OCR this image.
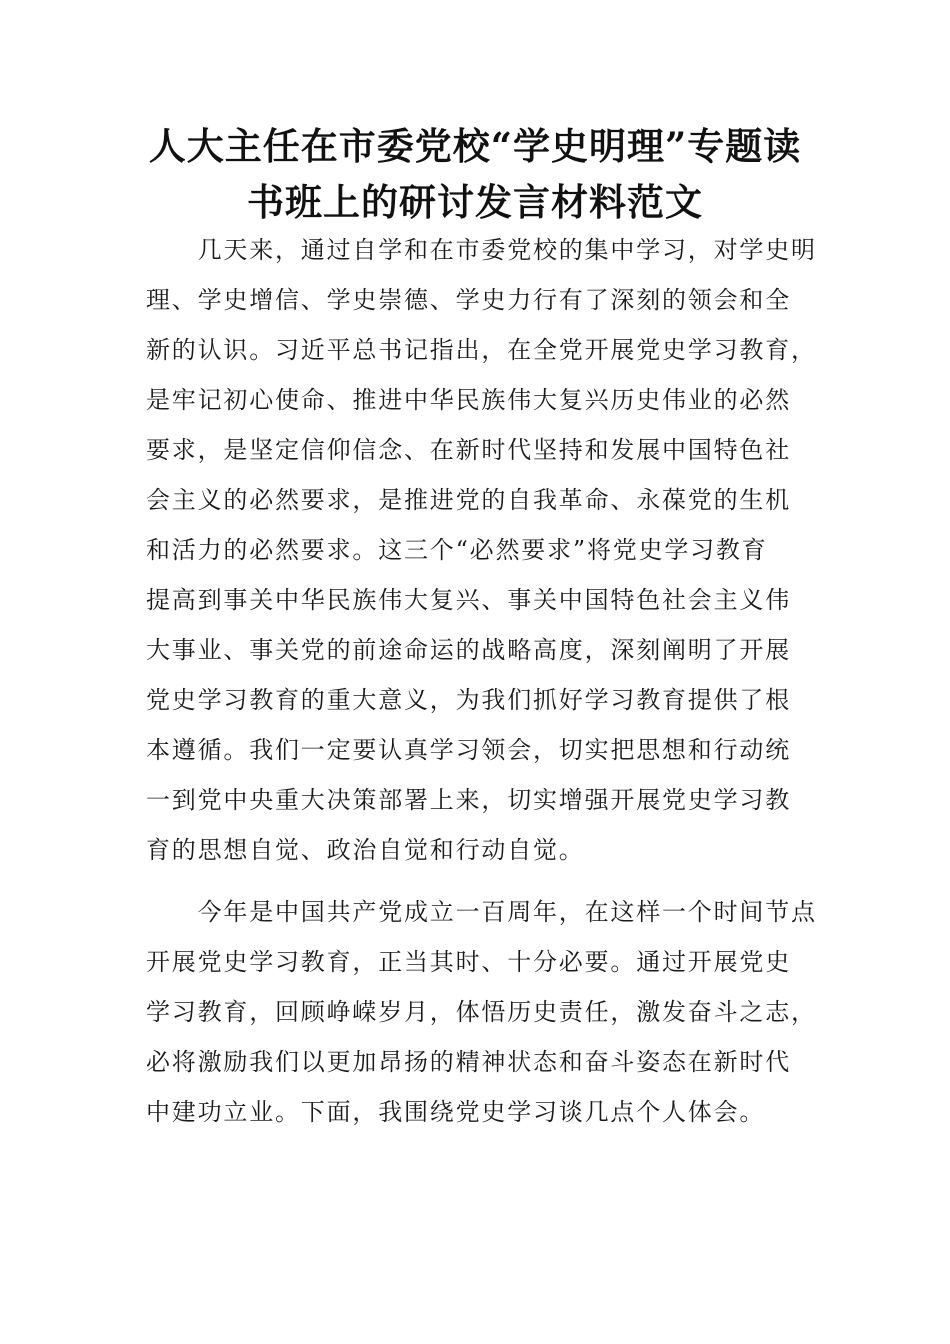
人大主任在市委党校“学史明理”专题读
书班上的研讨发言材料范文
　　几天来，通过自学和在市委党校的集中学习，对学史明
理、学史增信、学史崇德、学史力行有了深刻的领会和全
新的认识。习近平总书记指出，在全党开展党史学习教育，
是牢记初心使命、推进中华民族伟大复兴历史伟业的必然
要求，是坚定信仰信念、在新时代坚持和发展中国特色社
会主义的必然要求，是推进党的自我革命、永葆党的生机
和活力的必然要求。这三个“必然要求”将党史学习教育
提高到事关中华民族伟大复兴、事关中国特色社会主义伟
大事业、事关党的前途命运的战略高度，深刻阐明了开展
党史学习教育的重大意义，为我们抓好学习教育提供了根
本遵循。我们一定要认真学习领会，切实把思想和行动统
一到党中央重大决策部署上来，切实增强开展党史学习教
育的思想自觉、政治自觉和行动自觉。
　　今年是中国共产党成立一百周年，在这样一个时间节点
开展党史学习教育，正当其时、十分必要。通过开展党史
学习教育，回顾峥嵘岁月，体悟历史责任，激发奋斗之志，
必将激励我们以更加昂扬的精神状态和奋斗姿态在新时代
中建功立业。下面，我围绕党史学习谈几点个人体会。
